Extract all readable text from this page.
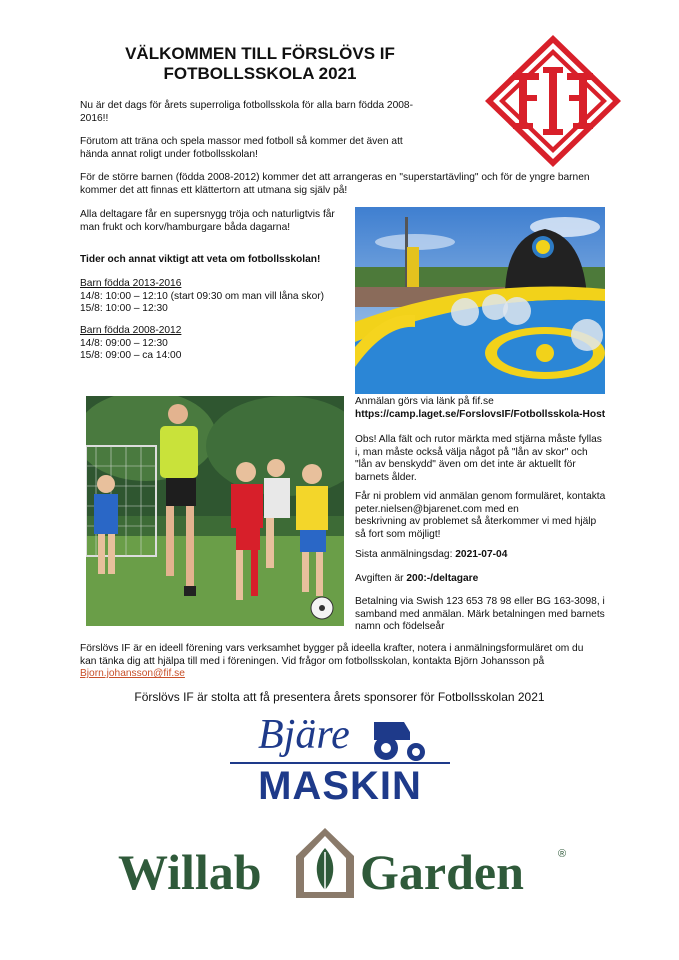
VÄLKOMMEN TILL FÖRSLÖVS IF
FOTBOLLSSKOLA 2021
Nu är det dags för årets superroliga fotbollsskola för alla barn födda 2008-
2016!!
Förutom att träna och spela massor med fotboll så kommer det även att
hända annat roligt under fotbollsskolan!
För de större barnen (födda 2008-2012) kommer det att arrangeras en "superstartävling" och för de yngre barnen
kommer det att finnas ett klättertorn att utmana sig själv på!
Alla deltagare får en supersnygg tröja och naturligtvis får
man frukt och korv/hamburgare båda dagarna!
Tider och annat viktigt att veta om fotbollsskolan!
Barn födda 2013-2016
14/8: 10:00 – 12:10 (start 09:30 om man vill låna skor)
15/8: 10:00 – 12:30
Barn födda 2008-2012
14/8: 09:00 – 12:30
15/8: 09:00 – ca 14:00
Anmälan görs via länk på fif.se
https://camp.laget.se/ForslovsIF/Fotbollsskola-Host
Obs! Alla fält och rutor märkta med stjärna måste fyllas
i, man måste också välja något på "lån av skor" och
"lån av benskydd" även om det inte är aktuellt för
barnets ålder.
Får ni problem vid anmälan genom formuläret, kontakta
peter.nielsen@bjarenet.com med en
beskrivning av problemet så återkommer vi med hjälp
så fort som möjligt!
Sista anmälningsdag: 2021-07-04
Avgiften är 200:-/deltagare
Betalning via Swish 123 653 78 98 eller BG 163-3098, i
samband med anmälan. Märk betalningen med barnets
namn och födelseår
Förslövs IF är en ideell förening vars verksamhet bygger på ideella krafter, notera i anmälningsformuläret om du
kan tänka dig att hjälpa till med i föreningen. Vid frågor om fotbollsskolan, kontakta Björn Johansson på
Bjorn.johansson@fif.se
Förslövs IF är stolta att få presentera årets sponsorer för Fotbollsskolan 2021
Bjäre
MASKIN
Willab Garden	®
